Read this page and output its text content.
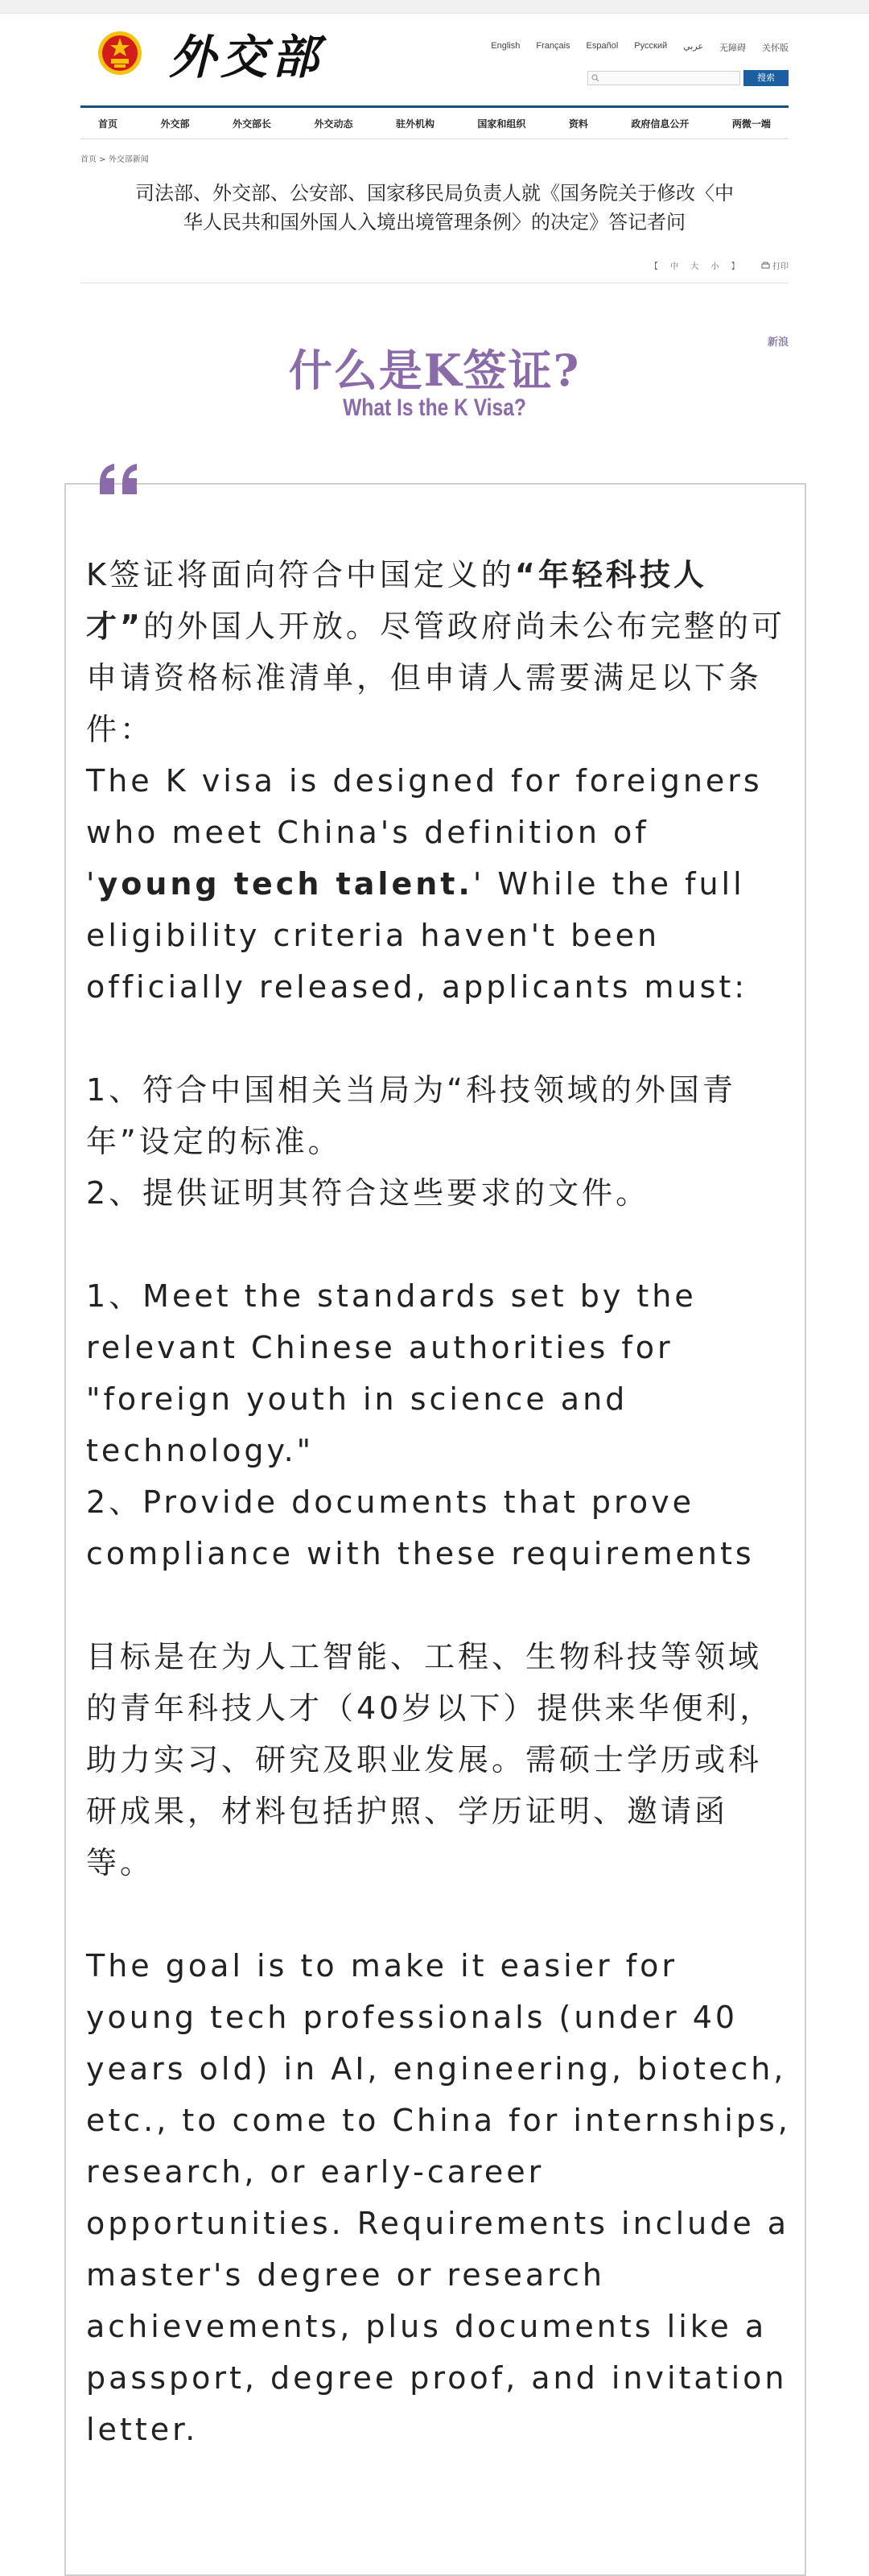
外交部	English Français Español Русский عربي 无障碍 关怀版
搜索
首页	外交部	外交部长	外交动态	驻外机构	国家和组织	资料	政府信息公开	两微一端
首页 > 外交部新闻
司法部、外交部、公安部、国家移民局负责人就《国务院关于修改〈中
华人民共和国外国人入境出境管理条例〉的决定》答记者问
【 中 大 小 】	打印
新浪
什么是K签证?
What Is the K Visa?

K签证将面向符合中国定义的“年轻科技人才”的外国人开放。尽管政府尚未公布完整的可申请资格标准清单，但申请人需要满足以下条件：

The K visa is designed for foreigners who meet China's definition of 'young tech talent.' While the full eligibility criteria haven't been officially released, applicants must:

1、符合中国相关当局为“科技领域的外国青年”设定的标准。

2、提供证明其符合这些要求的文件。

1、Meet the standards set by the relevant Chinese authorities for "foreign youth in science and technology."

2、Provide documents that prove compliance with these requirements

目标是在为人工智能、工程、生物科技等领域的青年科技人才（40岁以下）提供来华便利，助力实习、研究及职业发展。需硕士学历或科研成果，材料包括护照、学历证明、邀请函等。

The goal is to make it easier for young tech professionals (under 40 years old) in AI, engineering, biotech, etc., to come to China for internships, research, or early-career opportunities. Requirements include a master's degree or research achievements, plus documents like a passport, degree proof, and invitation letter.
